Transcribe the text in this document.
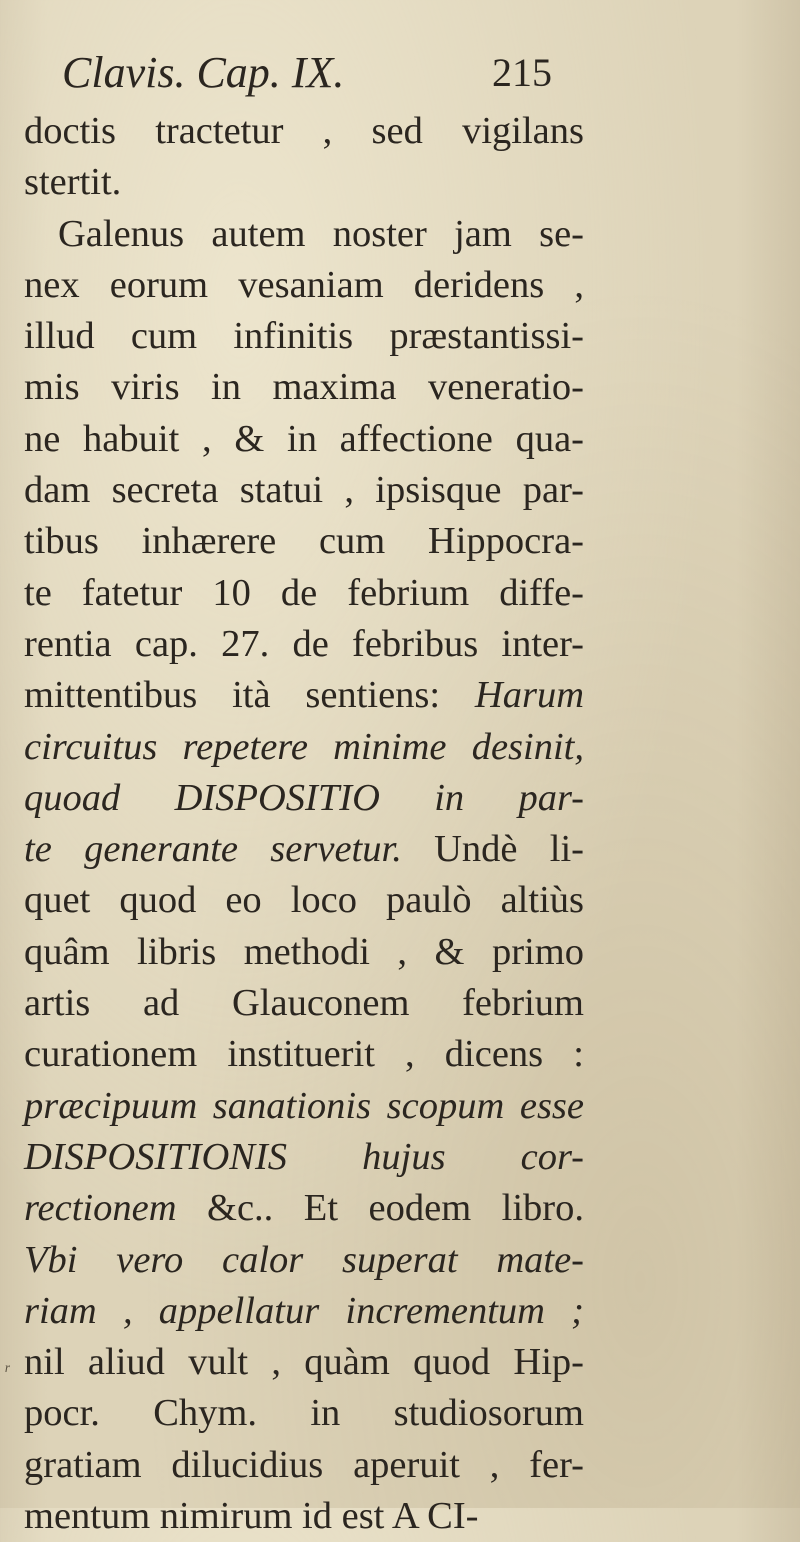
Clavis. Cap. IX.	215
doctis tractetur , sed vigilans
stertit.
Galenus autem noster jam se-
nex eorum vesaniam deridens ,
illud cum infinitis præstantissi-
mis viris in maxima veneratio-
ne habuit , & in affectione qua-
dam secreta statui , ipsisque par-
tibus inhærere cum Hippocra-
te fatetur 10 de febrium diffe-
rentia cap. 27. de febribus inter-
mittentibus ità sentiens: Harum
circuitus repetere minime desinit,
quoad DISPOSITIO in par-
te generante servetur. Undè li-
quet quod eo loco paulò altiùs
quâm libris methodi , & primo
artis ad Glauconem febrium
curationem instituerit , dicens :
præcipuum sanationis scopum esse
DISPOSITIONIS hujus cor-
rectionem &c.. Et eodem libro.
Vbi vero calor superat mate-
riam , appellatur incrementum ;
nil aliud vult , quàm quod Hip-
pocr. Chym. in studiosorum
gratiam dilucidius aperuit , fer-
mentum nimirum id est A CI-
ʳ
